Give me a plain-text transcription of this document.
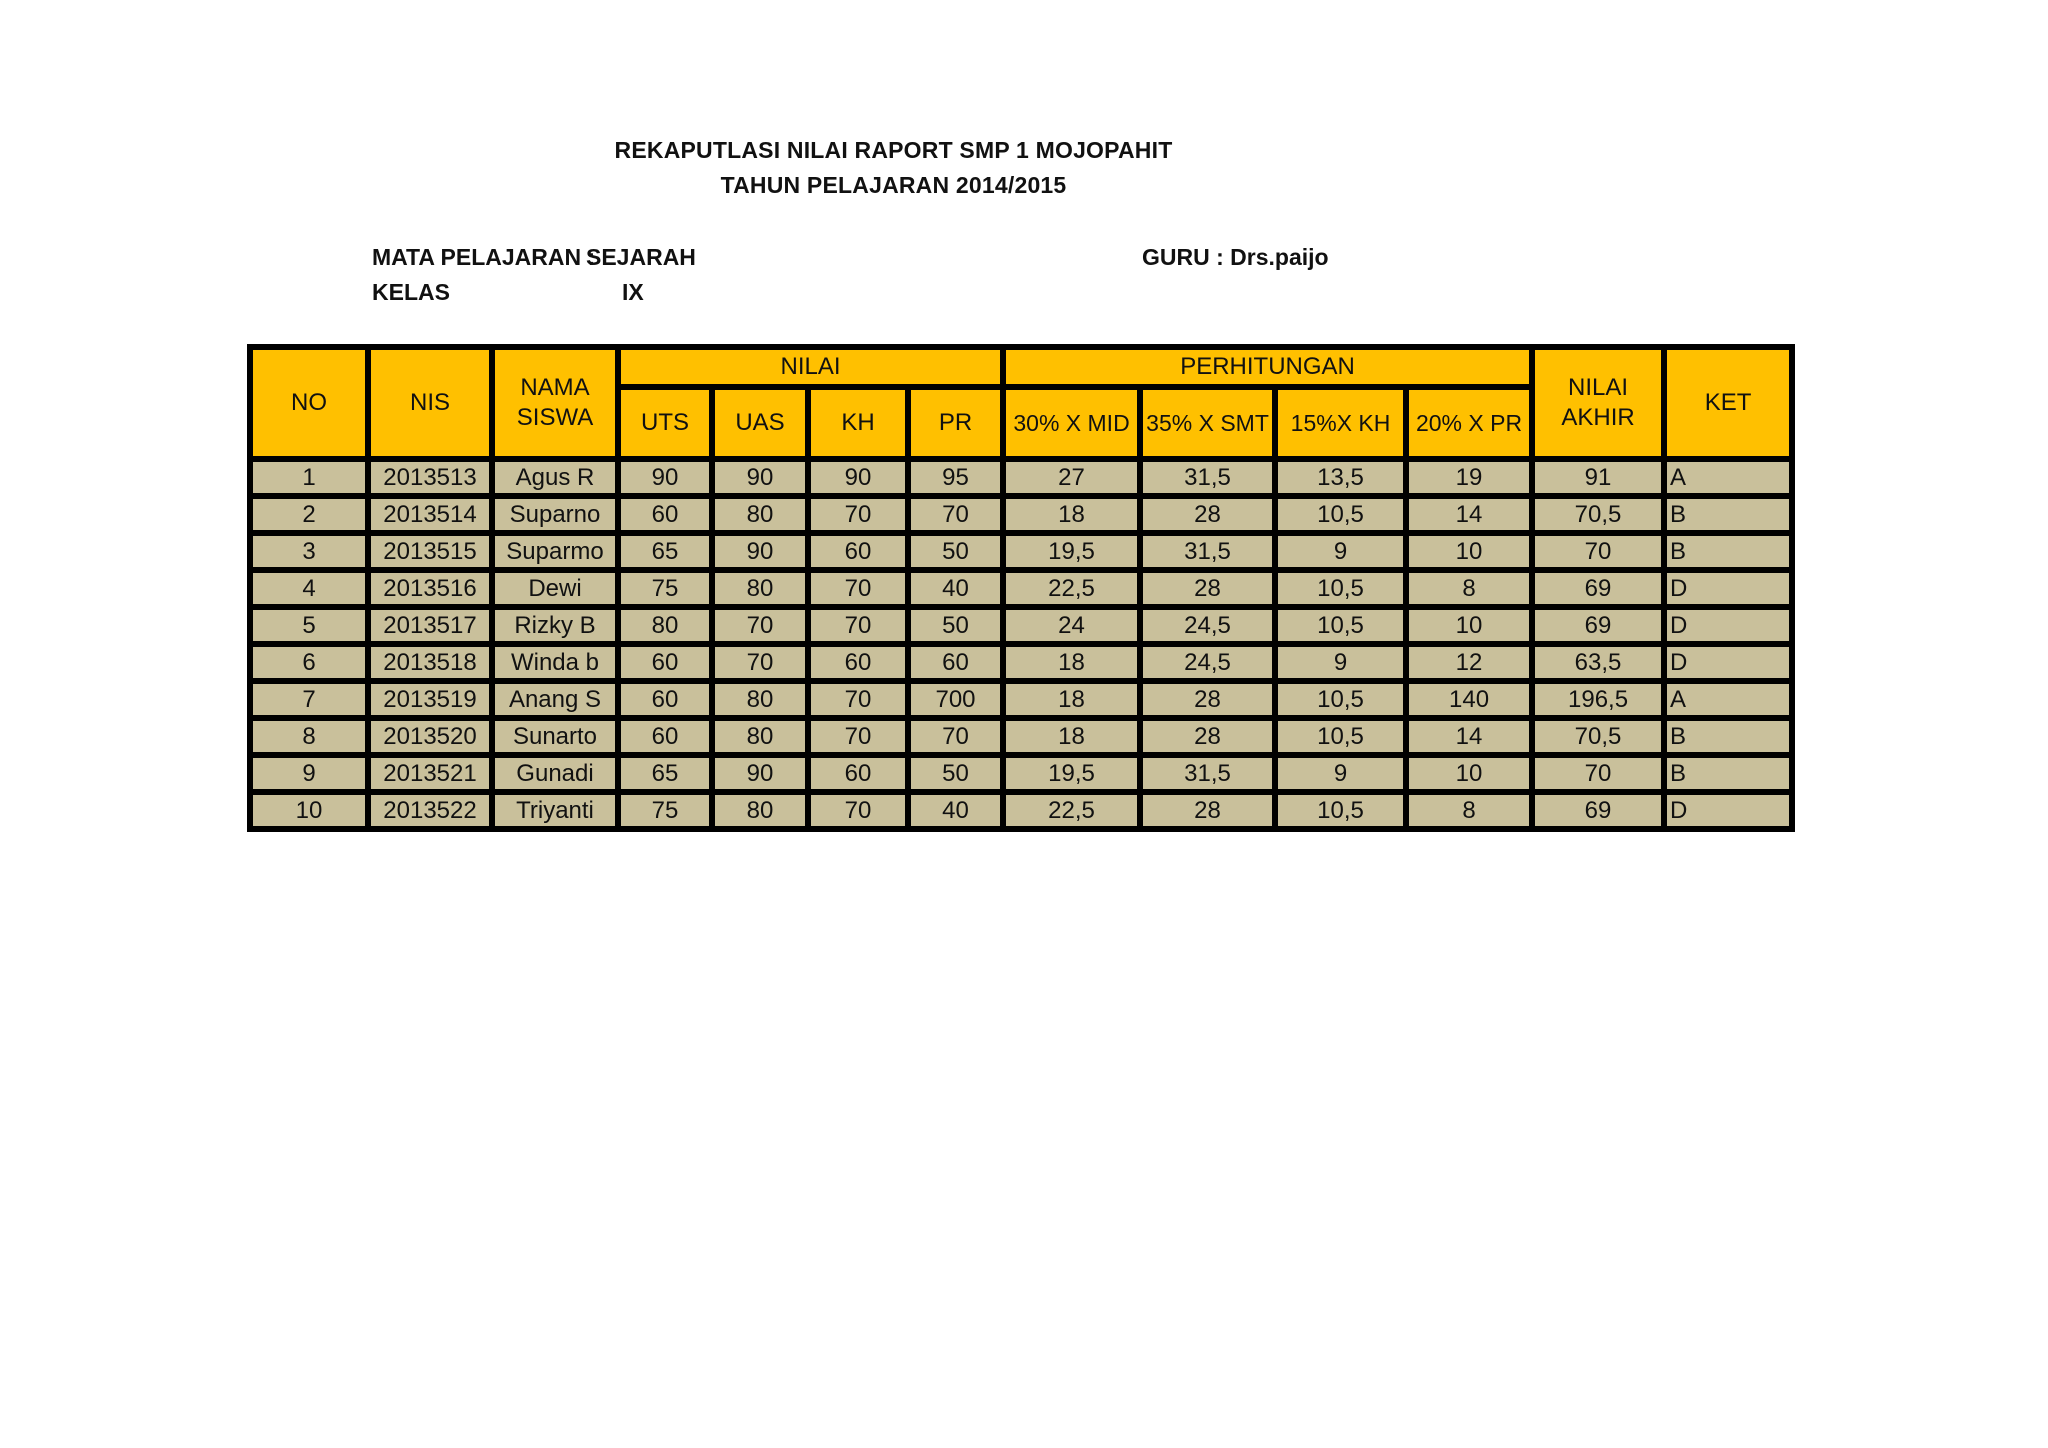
REKAPUTLASI NILAI RAPORT SMP 1 MOJOPAHIT
TAHUN PELAJARAN 2014/2015
MATA PELAJARAN :
SEJARAH	GURU : Drs.paijo
KELAS	IX
NO	NIS	NAMA SISWA	NILAI				PERHITUNGAN				NILAI AKHIR	KET
			UTS	UAS	KH	PR	30% X MID	35% X SMT	15%X KH	20% X PR		
1	2013513	Agus R	90	90	90	95	27	31,5	13,5	19	91	A
2	2013514	Suparno	60	80	70	70	18	28	10,5	14	70,5	B
3	2013515	Suparmo	65	90	60	50	19,5	31,5	9	10	70	B
4	2013516	Dewi	75	80	70	40	22,5	28	10,5	8	69	D
5	2013517	Rizky B	80	70	70	50	24	24,5	10,5	10	69	D
6	2013518	Winda b	60	70	60	60	18	24,5	9	12	63,5	D
7	2013519	Anang S	60	80	70	700	18	28	10,5	140	196,5	A
8	2013520	Sunarto	60	80	70	70	18	28	10,5	14	70,5	B
9	2013521	Gunadi	65	90	60	50	19,5	31,5	9	10	70	B
10	2013522	Triyanti	75	80	70	40	22,5	28	10,5	8	69	D
